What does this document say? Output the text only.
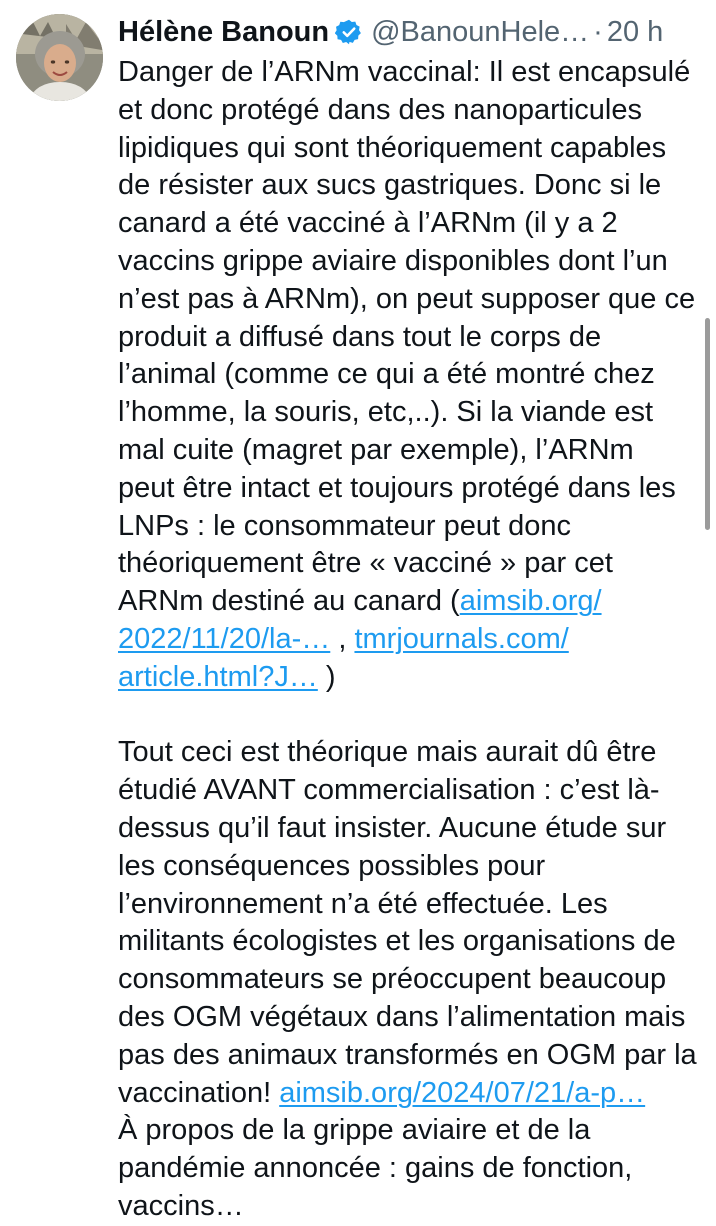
Hélène Banoun @BanounHele… · 20 h
Danger de l’ARNm vaccinal: Il est encapsulé
et donc protégé dans des nanoparticules
lipidiques qui sont théoriquement capables
de résister aux sucs gastriques. Donc si le
canard a été vacciné à l’ARNm (il y a 2
vaccins grippe aviaire disponibles dont l’un
n’est pas à ARNm), on peut supposer que ce
produit a diffusé dans tout le corps de
l’animal (comme ce qui a été montré chez
l’homme, la souris, etc,..). Si la viande est
mal cuite (magret par exemple), l’ARNm
peut être intact et toujours protégé dans les
LNPs : le consommateur peut donc
théoriquement être « vacciné » par cet
ARNm destiné au canard (aimsib.org/
2022/11/20/la-… , tmrjournals.com/
article.html?J… )
Tout ceci est théorique mais aurait dû être
étudié AVANT commercialisation : c’est là-
dessus qu’il faut insister. Aucune étude sur
les conséquences possibles pour
l’environnement n’a été effectuée. Les
militants écologistes et les organisations de
consommateurs se préoccupent beaucoup
des OGM végétaux dans l’alimentation mais
pas des animaux transformés en OGM par la
vaccination! aimsib.org/2024/07/21/a-p…
À propos de la grippe aviaire et de la
pandémie annoncée : gains de fonction,
vaccins…
